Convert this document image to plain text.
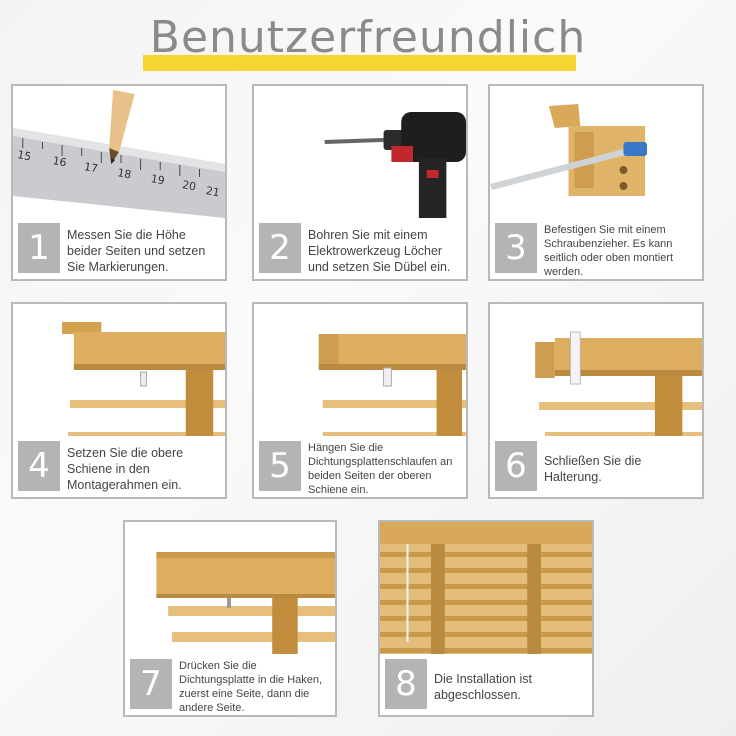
Benutzerfreundlich
15 16 17 18 19 20 21
1	Messen Sie die Höhe beider Seiten und setzen Sie Markierungen.	2	Bohren Sie mit einem Elektrowerkzeug Löcher und setzen Sie Dübel ein.	3	Befestigen Sie mit einem Schraubenzieher. Es kann seitlich oder oben montiert werden.
4	Setzen Sie die obere Schiene in den Montagerahmen ein.	5	Hängen Sie die Dichtungsplattenschlaufen an beiden Seiten der oberen Schiene ein.
6	Schließen Sie die Halterung.
7	Drücken Sie die Dichtungsplatte in die Haken, zuerst eine Seite, dann die andere Seite.
8	Die Installation ist abgeschlossen.
